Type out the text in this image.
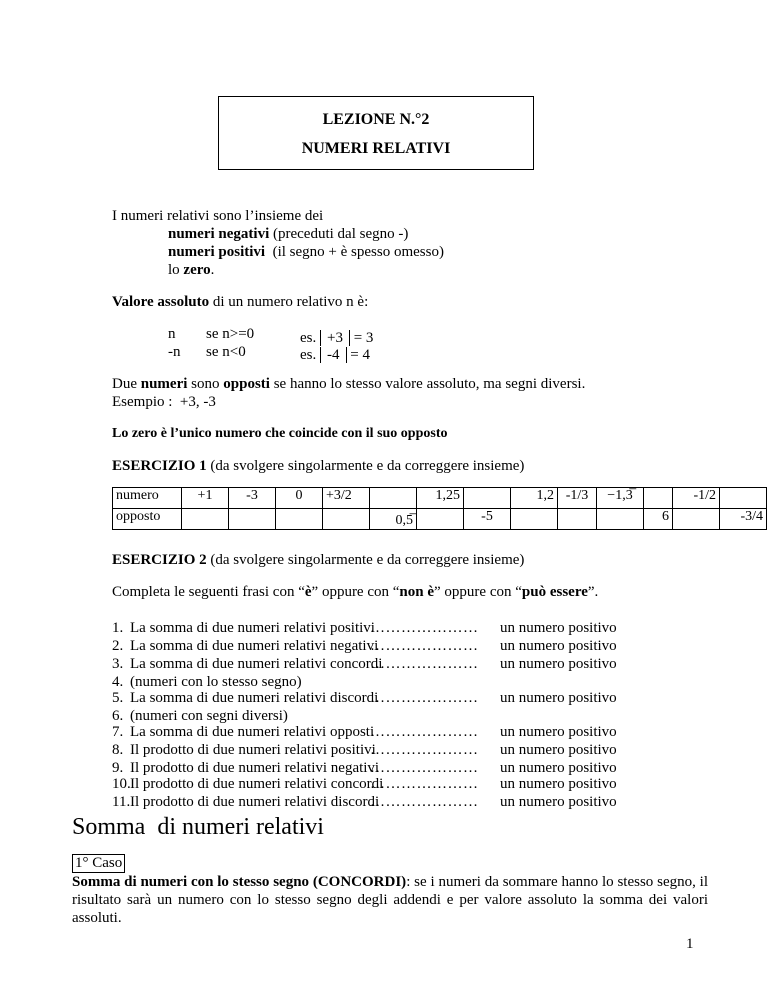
LEZIONE N.°2
NUMERI RELATIVI
I numeri relativi sono l’insieme dei
numeri negativi (preceduti dal segno -)
numeri positivi  (il segno + è spesso omesso)
lo zero.
Valore assoluto di un numero relativo n è:
n se n>=0	es. +3 = 3
-n se n<0	es. -4 = 4
Due numeri sono opposti se hanno lo stesso valore assoluto, ma segni diversi.
Esempio :  +3, -3
Lo zero è l’unico numero che coincide con il suo opposto
ESERCIZIO 1 (da svolgere singolarmente e da correggere insieme)
numero	+1	-3	0	+3/2		1,25		1,2	-1/3	−1,3̅		-1/2	
opposto					0,5̅		-5				6		-3/4
ESERCIZIO 2 (da svolgere singolarmente e da correggere insieme)
Completa le seguenti frasi con “è” oppure con “non è” oppure con “può essere”.
1. La somma di due numeri relativi positivi
………………… un numero positivo
2. La somma di due numeri relativi negativi
………………… un numero positivo
3. La somma di due numeri relativi concordi
………………… un numero positivo
4. (numeri con lo stesso segno)
5. La somma di due numeri relativi discordi
………………… un numero positivo
6. (numeri con segni diversi)
7. La somma di due numeri relativi opposti
………………… un numero positivo
8. Il prodotto di due numeri relativi positivi
………………… un numero positivo
9. Il prodotto di due numeri relativi negativi
………………… un numero positivo
10.Il prodotto di due numeri relativi concordi
………………… un numero positivo
11.Il prodotto di due numeri relativi discordi
………………… un numero positivo
Somma  di numeri relativi
1° Caso
Somma di numeri con lo stesso segno (CONCORDI): se i numeri da sommare hanno lo stesso segno, il risultato sarà un numero con lo stesso segno degli addendi e per valore assoluto la somma dei valori assoluti.
1
